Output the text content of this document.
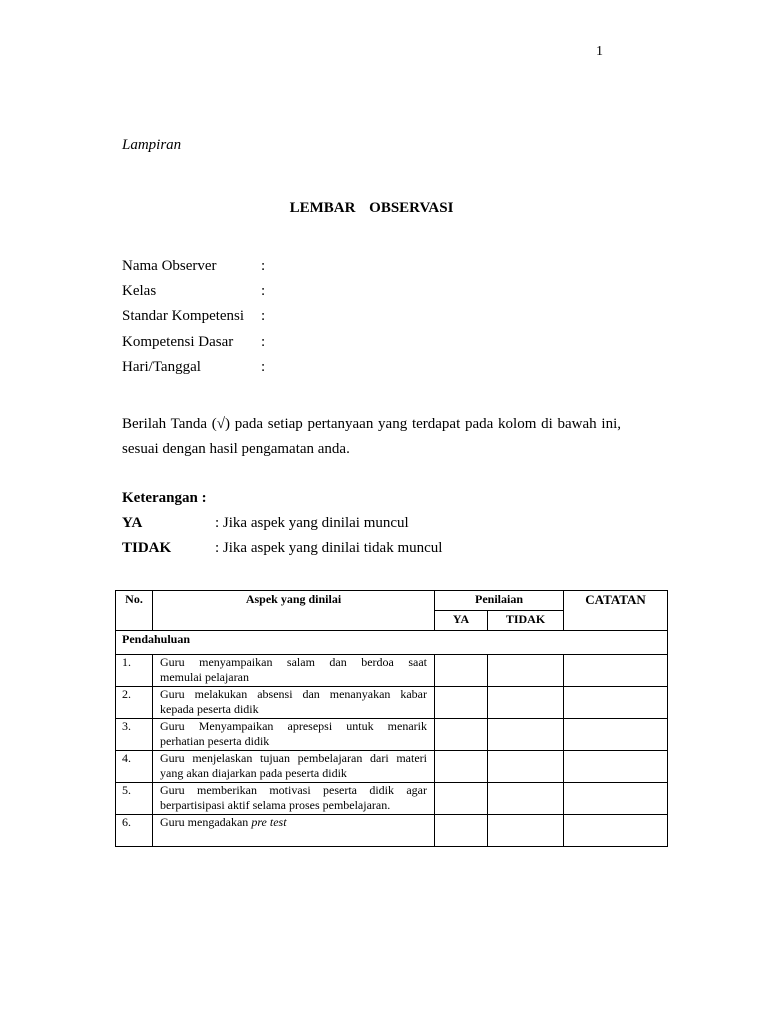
1
Lampiran
LEMBAR OBSERVASI
Nama Observer	:
Kelas	:
Standar Kompetensi	:
Kompetensi Dasar	:
Hari/Tanggal	:
Berilah Tanda (√) pada setiap pertanyaan yang terdapat pada kolom di bawah ini, sesuai dengan hasil pengamatan anda.
Keterangan :
YA	: Jika aspek yang dinilai muncul
TIDAK	: Jika aspek yang dinilai tidak muncul
No.	Aspek yang dinilai	Penilaian		CATATAN
		YA	TIDAK	
Pendahuluan				
1.	Guru menyampaikan salam dan berdoa saat
memulai pelajaran			

2.	Guru melakukan absensi dan menanyakan kabar
kepada peserta didik			

3.	Guru Menyampaikan apresepsi untuk menarik
perhatian peserta didik			

4.	Guru menjelaskan tujuan pembelajaran dari materi
yang akan diajarkan pada peserta didik			

5.	Guru memberikan motivasi peserta didik agar
berpartisipasi aktif selama proses pembelajaran.			

6.	Guru mengadakan pre test			
